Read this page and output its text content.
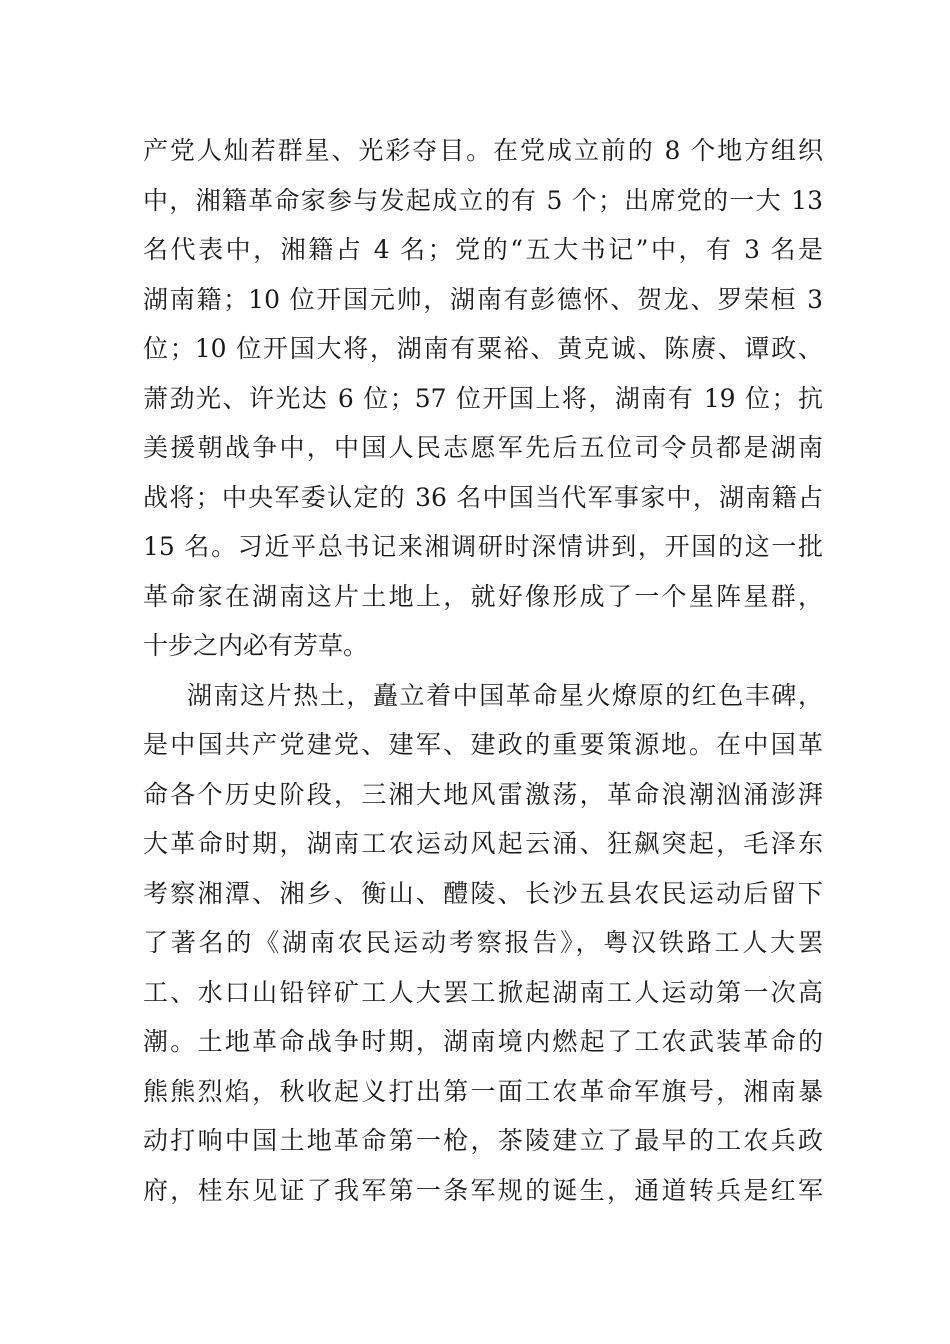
产党人灿若群星、光彩夺目。在党成立前的 8 个地方组织
中，湘籍革命家参与发起成立的有 5 个；出席党的一大 13
名代表中，湘籍占 4 名；党的“五大书记”中，有 3 名是
湖南籍；10 位开国元帅，湖南有彭德怀、贺龙、罗荣桓 3
位；10 位开国大将，湖南有粟裕、黄克诚、陈赓、谭政、
萧劲光、许光达 6 位；57 位开国上将，湖南有 19 位；抗
美援朝战争中，中国人民志愿军先后五位司令员都是湖南
战将；中央军委认定的 36 名中国当代军事家中，湖南籍占
15 名。习近平总书记来湘调研时深情讲到，开国的这一批
革命家在湖南这片土地上，就好像形成了一个星阵星群，
十步之内必有芳草。
湖南这片热土，矗立着中国革命星火燎原的红色丰碑，
是中国共产党建党、建军、建政的重要策源地。在中国革
命各个历史阶段，三湘大地风雷激荡，革命浪潮汹涌澎湃
大革命时期，湖南工农运动风起云涌、狂飙突起，毛泽东
考察湘潭、湘乡、衡山、醴陵、长沙五县农民运动后留下
了著名的《湖南农民运动考察报告》，粤汉铁路工人大罢
工、水口山铅锌矿工人大罢工掀起湖南工人运动第一次高
潮。土地革命战争时期，湖南境内燃起了工农武装革命的
熊熊烈焰，秋收起义打出第一面工农革命军旗号，湘南暴
动打响中国土地革命第一枪，茶陵建立了最早的工农兵政
府，桂东见证了我军第一条军规的诞生，通道转兵是红军
